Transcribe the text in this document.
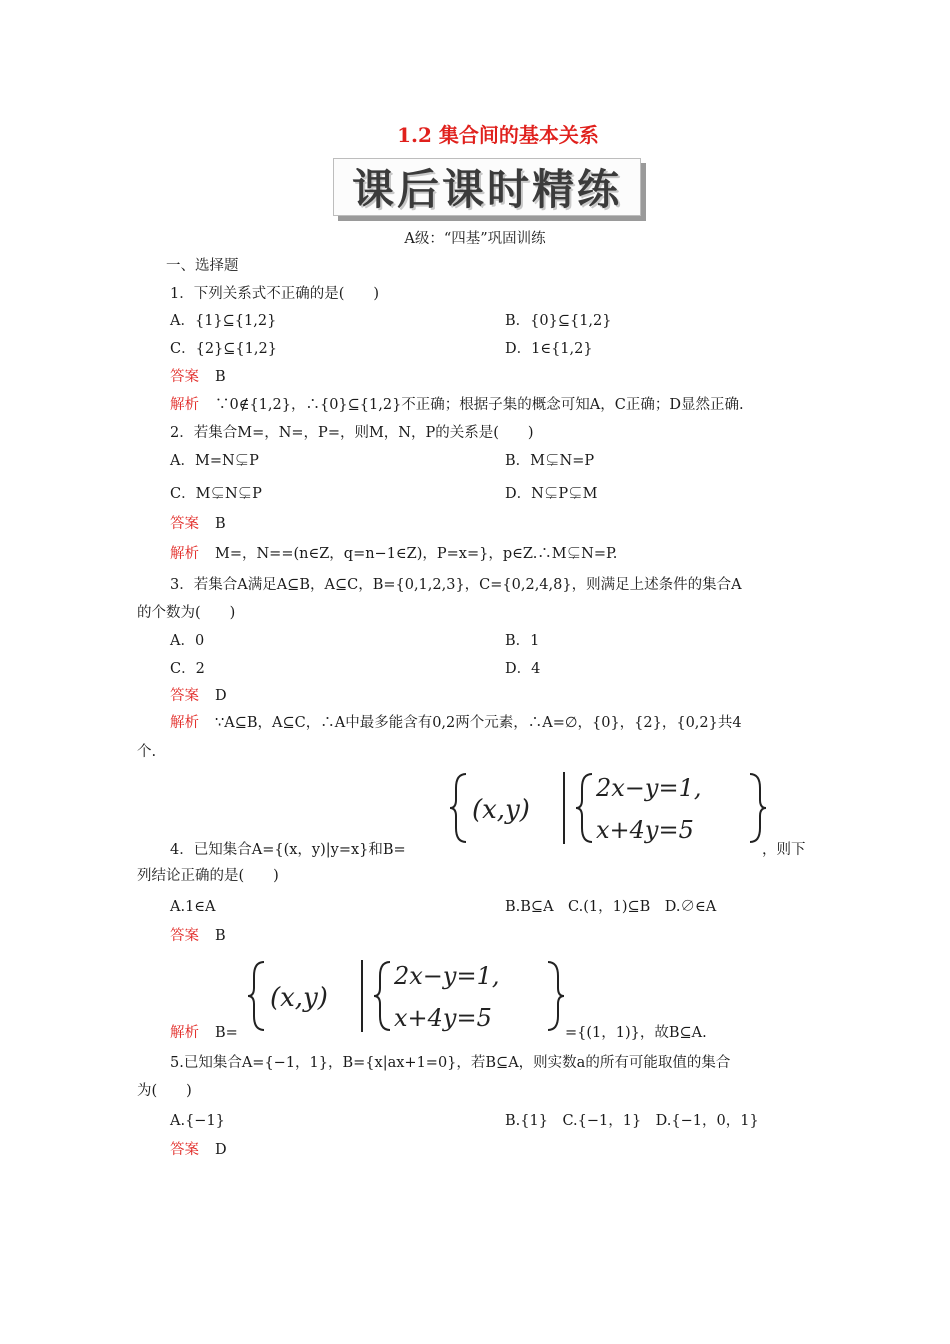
1.2 集合间的基本关系
课后课时精练
A级：“四基”巩固训练
一、选择题
1．下列关系式不正确的是(　　)
A．{1}⊆{1,2}	B．{0}⊆{1,2}
C．{2}⊆{1,2}	D．1∈{1,2}
答案 B
解析 ∵0∉{1,2}，∴{0}⊆{1,2}不正确；根据子集的概念可知A，C正确；D显然正确.
2．若集合M=，N=，P=，则M，N，P的关系是(　　)
A．M=N⊊P	B．M⊊N=P
C．M⊊N⊊P	D．N⊊P⊊M
答案 B
解析 M=，N==(n∈Z，q=n−1∈Z)，P=x=}，p∈Z.∴M⊊N=P.
3．若集合A满足A⊆B，A⊆C，B={0,1,2,3}，C={0,2,4,8}，则满足上述条件的集合A
的个数为(　　)
A．0	B．1
C．2	D．4
答案 D
解析 ∵A⊆B，A⊆C，∴A中最多能含有0,2两个元素，∴A=∅，{0}，{2}，{0,2}共4
个.
(x,y)
2x−y=1,
x+4y=5
4．已知集合A={(x，y)|y=x}和B=	，则下
列结论正确的是(　　)
A.1∈A	B.B⊆A　C.(1，1)⊆B　D.∅∈A
答案 B
(x,y)
2x−y=1,
x+4y=5
解析 B=	={(1，1)}，故B⊆A.
5.已知集合A={−1，1}，B={x|ax+1=0}，若B⊆A，则实数a的所有可能取值的集合
为(　　)
A.{−1}	B.{1}　C.{−1，1}　D.{−1，0，1}
答案 D
